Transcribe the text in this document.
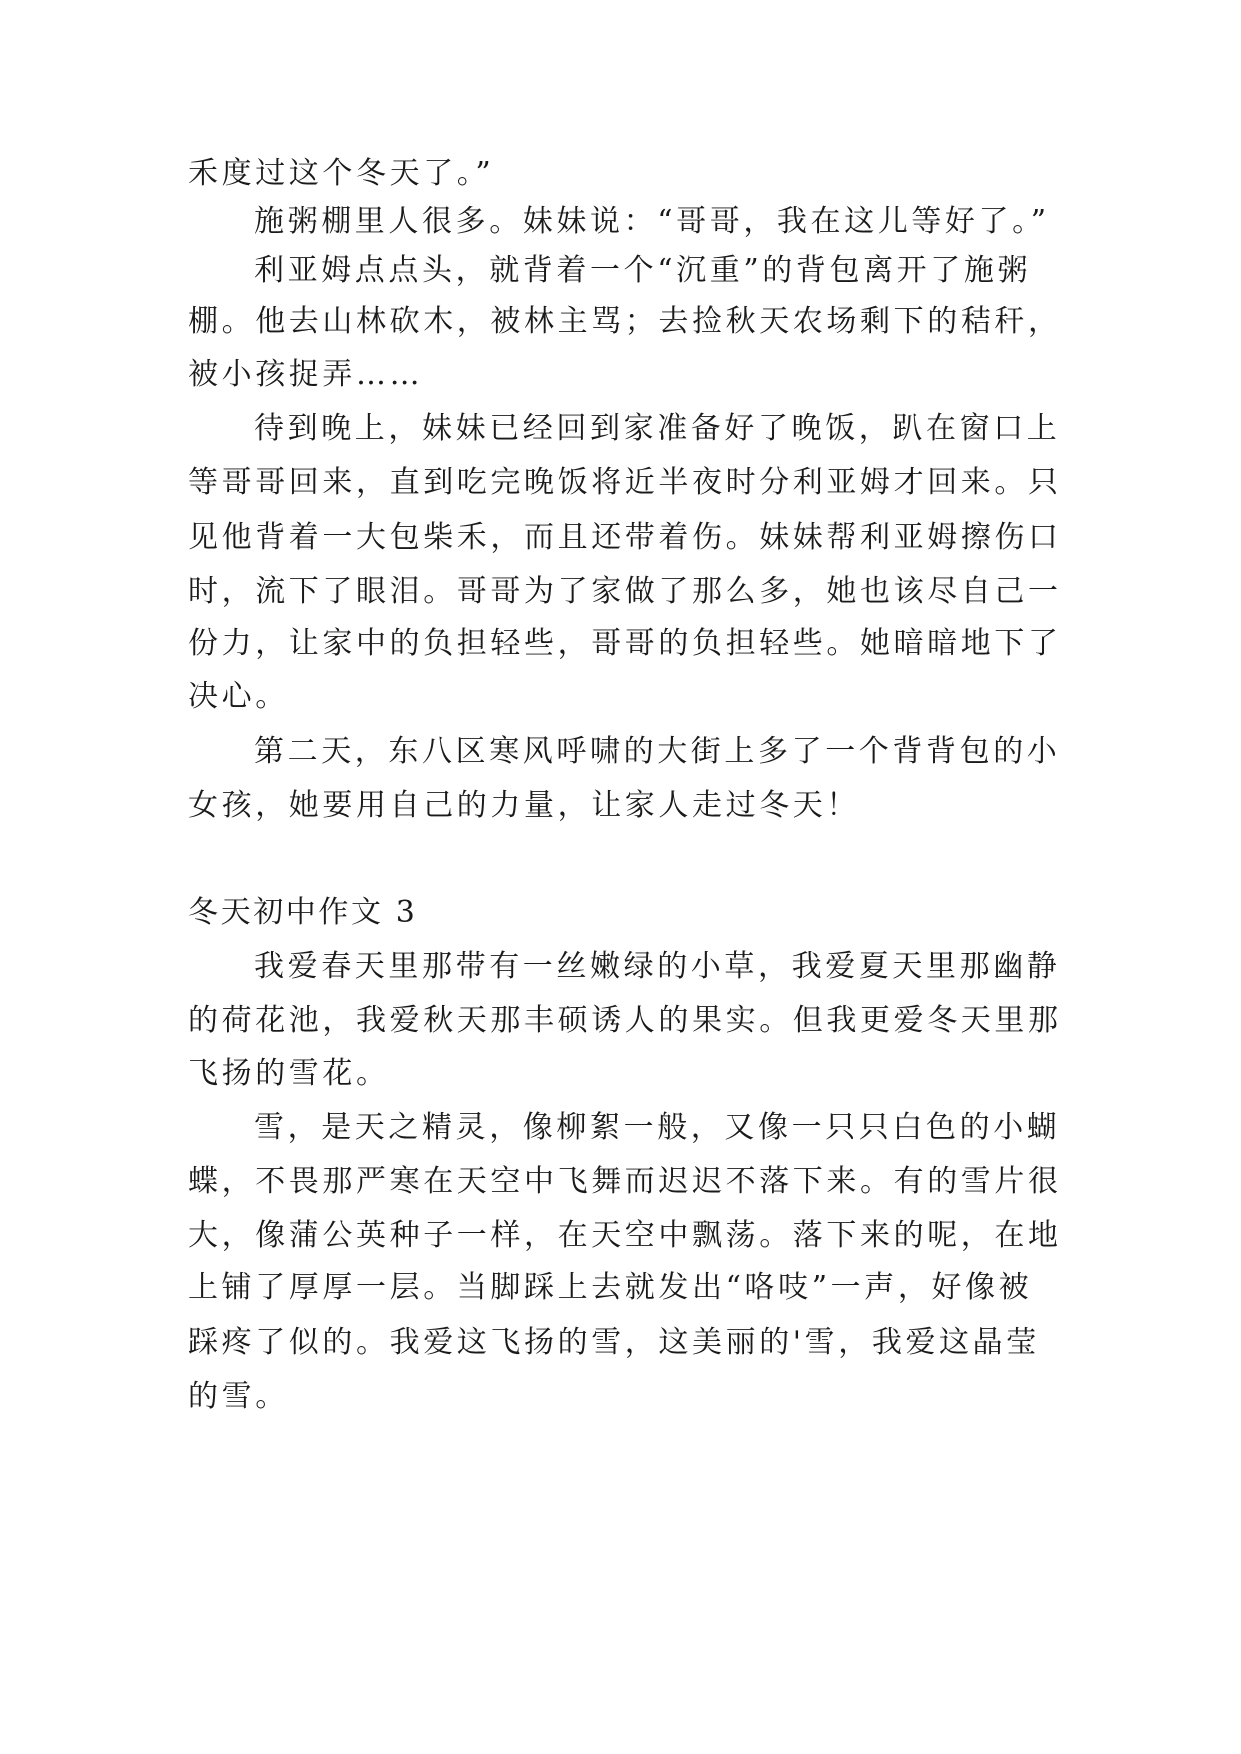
禾度过这个冬天了。”
施粥棚里人很多。妹妹说：“哥哥，我在这儿等好了。”
利亚姆点点头，就背着一个“沉重”的背包离开了施粥
棚。他去山林砍木，被林主骂；去捡秋天农场剩下的秸秆，
被小孩捉弄……
待到晚上，妹妹已经回到家准备好了晚饭，趴在窗口上
等哥哥回来，直到吃完晚饭将近半夜时分利亚姆才回来。只
见他背着一大包柴禾，而且还带着伤。妹妹帮利亚姆擦伤口
时，流下了眼泪。哥哥为了家做了那么多，她也该尽自己一
份力，让家中的负担轻些，哥哥的负担轻些。她暗暗地下了
决心。
第二天，东八区寒风呼啸的大街上多了一个背背包的小
女孩，她要用自己的力量，让家人走过冬天！
冬天初中作文 3
我爱春天里那带有一丝嫩绿的小草，我爱夏天里那幽静
的荷花池，我爱秋天那丰硕诱人的果实。但我更爱冬天里那
飞扬的雪花。
雪，是天之精灵，像柳絮一般，又像一只只白色的小蝴
蝶，不畏那严寒在天空中飞舞而迟迟不落下来。有的雪片很
大，像蒲公英种子一样，在天空中飘荡。落下来的呢，在地
上铺了厚厚一层。当脚踩上去就发出“咯吱”一声，好像被
踩疼了似的。我爱这飞扬的雪，这美丽的'雪，我爱这晶莹
的雪。
